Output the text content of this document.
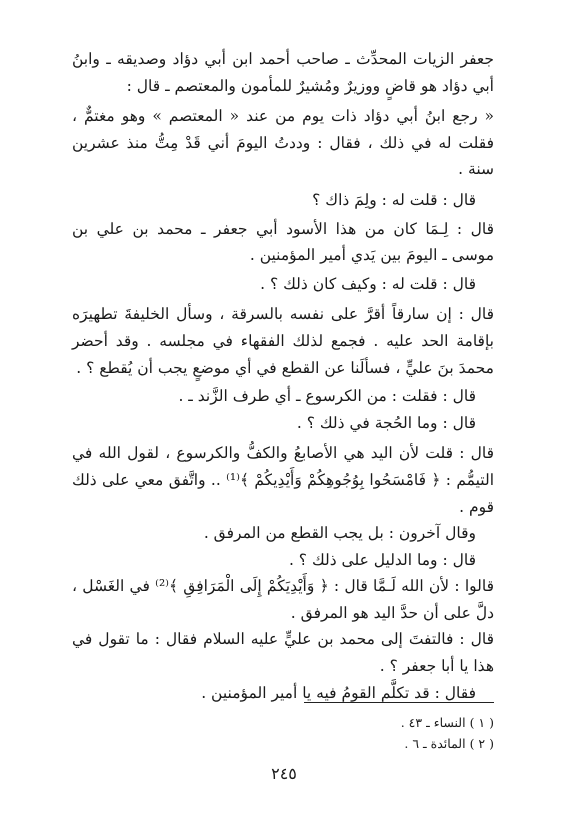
جعفر الزيات المحدِّث ـ صاحب أحمد ابن أبي دؤاد وصديقه ـ وابنُ أبي دؤاد هو قاضٍ ووزيرٌ ومُشيرٌ للمأمون والمعتصم ـ قال :

« رجع ابنُ أبي دؤاد ذات يوم من عند « المعتصم » وهو مغتمٌّ ، فقلت له في ذلك ، فقال : وددتُ اليومَ أني قَدْ مِتُّ منذ عشرين سنة .

قال : قلت له : ولِمَ ذاك ؟

قال : لِـمَا كان من هذا الأسود أبي جعفر ـ محمد بن علي بن موسى ـ اليومَ بين يَدي أمير المؤمنين .

قال : قلت له : وكيف كان ذلك ؟ .

قال : إن سارقاً أقرَّ على نفسه بالسرقة ، وسأل الخليفةَ تطهيرَه بإقامة الحد عليه . فجمع لذلك الفقهاء في مجلسه . وقد أحضر محمدَ بنَ عليٍّ ، فسألَنا عن القطع في أي موضعٍ يجب أن يُقطع ؟ .

قال : فقلت : من الكرسوع ـ أي طرف الزَّند ـ .

قال : وما الحُجة في ذلك ؟ .

قال : قلت لأن اليد هي الأصابعُ والكفُّ والكرسوع ، لقول الله في التيمُّم : ﴿ فَامْسَحُوا بِوُجُوهِكُمْ وَأَيْدِيكُمْ ﴾⁽¹⁾ .. واتَّفق معي على ذلك قوم .

وقال آخرون : بل يجب القطع من المرفق .

قال : وما الدليل على ذلك ؟ .

قالوا : لأن الله لَـمَّا قال : ﴿ وَأَيْدِيَكُمْ إِلَى الْمَرَافِقِ ﴾⁽²⁾ في الغَسْل ، دلَّ على أن حدَّ اليد هو المرفق .

قال : فالتفتَ إلى محمد بن عليٍّ عليه السلام فقال : ما تقول في هذا يا أبا جعفر ؟ .

فقال : قد تكلَّم القومُ فيه يا أمير المؤمنين .

( ١ ) النساء ـ ٤٣ .

( ٢ ) المائدة ـ ٦ .

٢٤٥
